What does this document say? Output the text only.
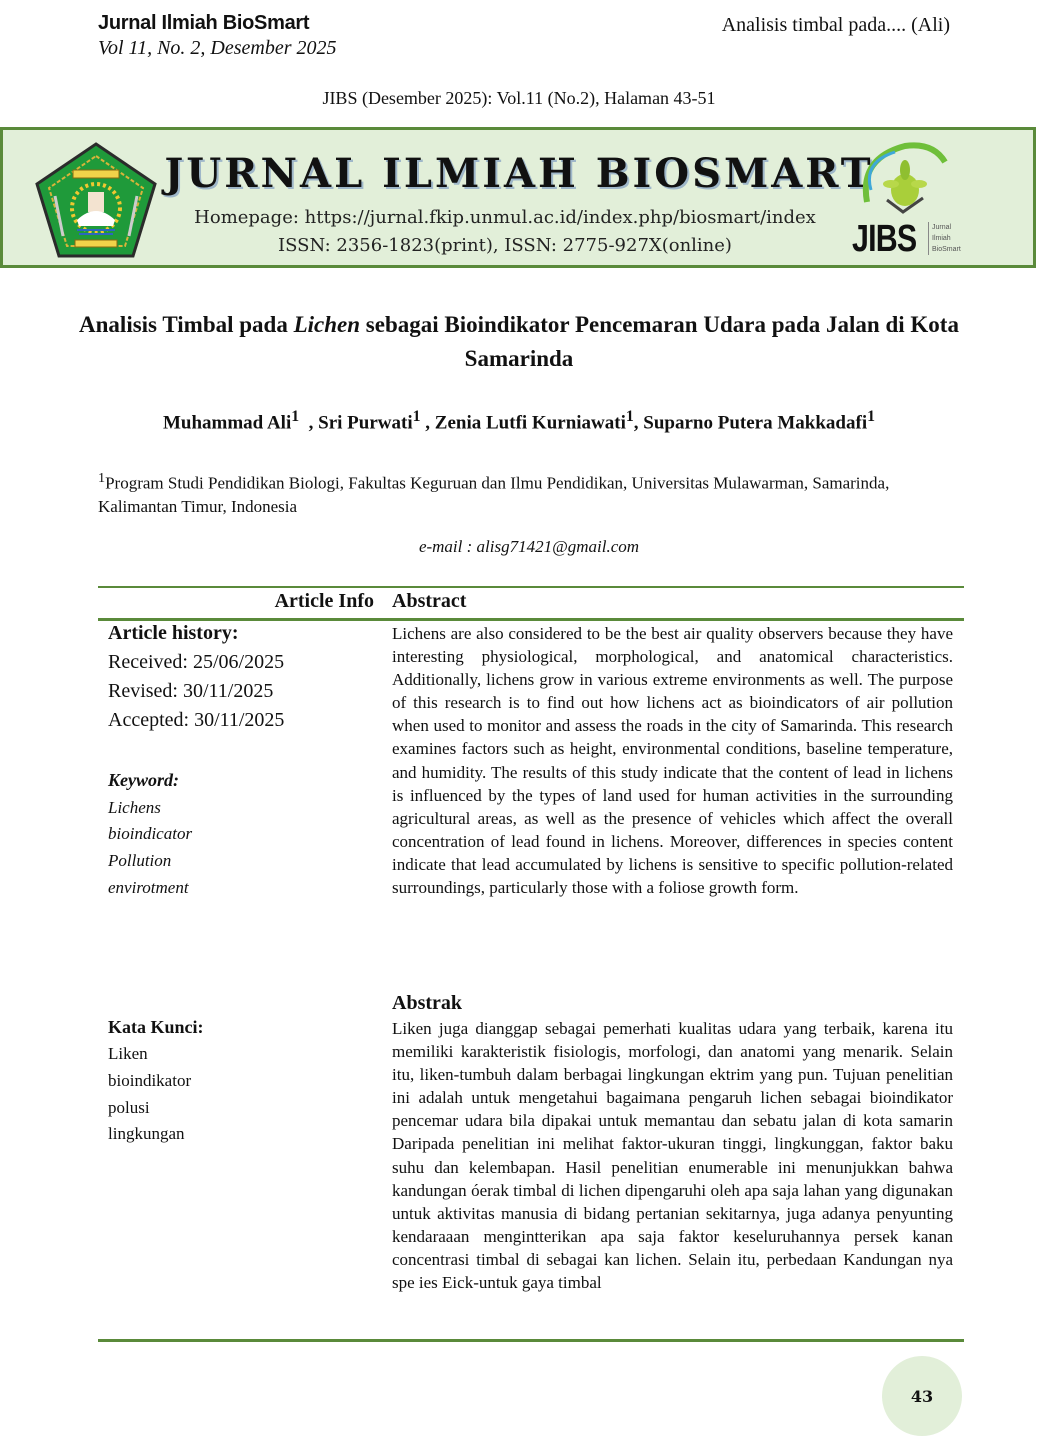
Jurnal Ilmiah BioSmart
Vol 11, No. 2, Desember 2025
Analisis timbal pada.... (Ali)
JIBS (Desember 2025): Vol.11 (No.2), Halaman 43-51
JURNAL ILMIAH BIOSMART
Homepage: https://jurnal.fkip.unmul.ac.id/index.php/biosmart/index
ISSN: 2356-1823(print), ISSN: 2775-927X(online)	JIBS Jurnal
Ilmiah
BioSmart
Analisis Timbal pada Lichen sebagai Bioindikator Pencemaran Udara pada Jalan di Kota Samarinda
Muhammad Ali$^1$  , Sri Purwati$^1$ , Zenia Lutfi Kurniawati$^1$, Suparno Putera Makkadafi$^1$
$^1$Program Studi Pendidikan Biologi, Fakultas Keguruan dan Ilmu Pendidikan, Universitas Mulawarman, Samarinda, Kalimantan Timur, Indonesia
e-mail : alisg71421@gmail.com
Article Info Abstract
Article history:
Received: 25/06/2025
Revised: 30/11/2025
Accepted: 30/11/2025
Keyword:
Lichens
bioindicator
Pollution
envirotment
Kata Kunci:
Liken
bioindikator
polusi
lingkungan
Lichens are also considered to be the best air quality observers because they have interesting physiological, morphological, and anatomical characteristics. Additionally, lichens grow in various extreme environments as well. The purpose of this research is to find out how lichens act as bioindicators of air pollution when used to monitor and assess the roads in the city of Samarinda. This research examines factors such as height, environmental conditions, baseline temperature, and humidity. The results of this study indicate that the content of lead in lichens is influenced by the types of land used for human activities in the surrounding agricultural areas, as well as the presence of vehicles which affect the overall concentration of lead found in lichens. Moreover, differences in species content indicate that lead accumulated by lichens is sensitive to specific pollution-related surroundings, particularly those with a foliose growth form.
Abstrak
Liken juga dianggap sebagai pemerhati kualitas udara yang terbaik, karena itu memiliki karakteristik fisiologis, morfologi, dan anatomi yang menarik. Selain itu, liken-tumbuh dalam berbagai lingkungan ektrim yang pun. Tujuan penelitian ini adalah untuk mengetahui bagaimana pengaruh lichen sebagai bioindikator pencemar udara bila dipakai untuk memantau dan sebatu jalan di kota samarin Daripada penelitian ini melihat faktor-ukuran tinggi, lingkunggan, faktor baku suhu dan kelembapan. Hasil penelitian enumerable ini menunjukkan bahwa kandungan óerak timbal di lichen dipengaruhi oleh apa saja lahan yang digunakan untuk aktivitas manusia di bidang pertanian sekitarnya, juga adanya penyunting kendaraaan mengintterikan apa saja faktor keseluruhannya persek kanan concentrasi timbal di sebagai kan lichen. Selain itu, perbedaan Kandungan nya spe ies Eick-untuk gaya timbal
43
